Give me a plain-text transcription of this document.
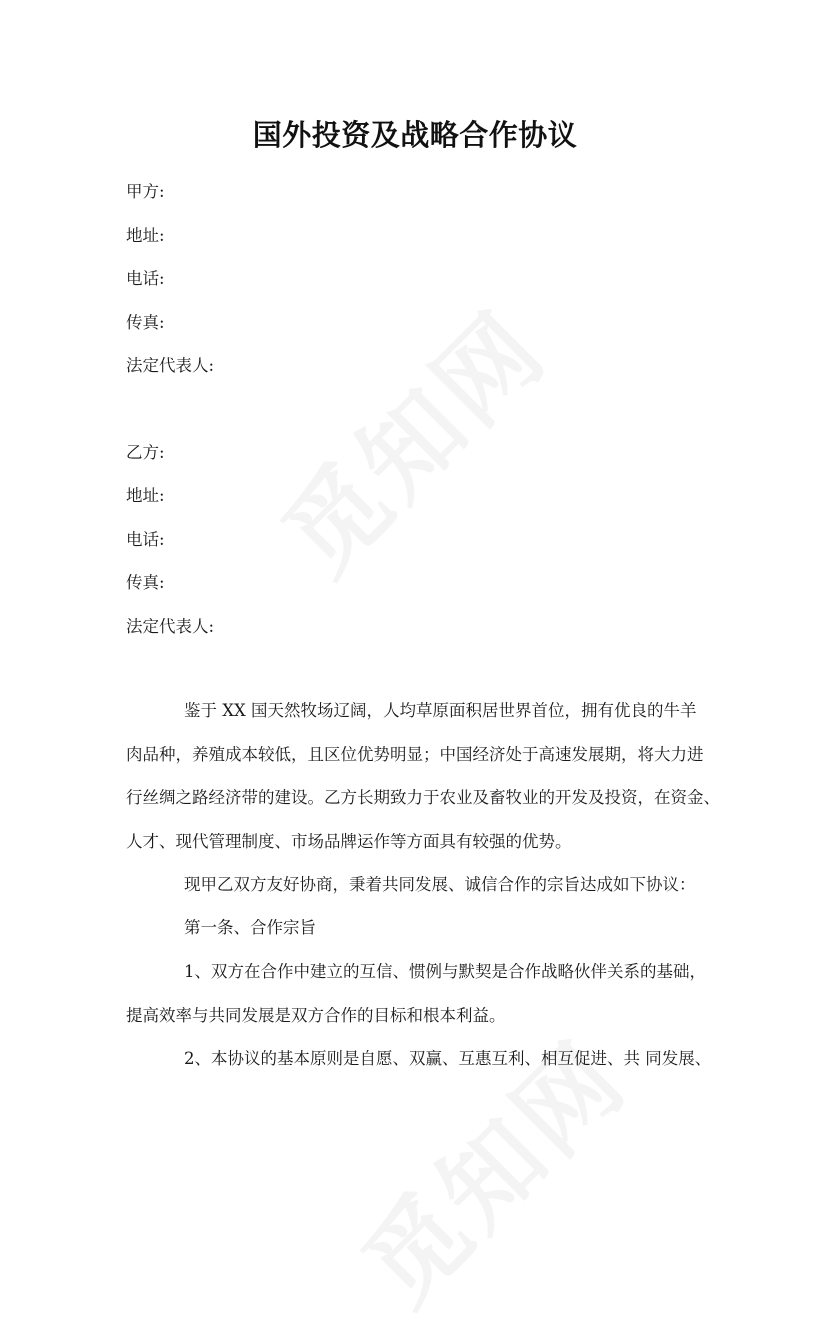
国外投资及战略合作协议
甲方:
地址:
电话:
传真:
法定代表人:
乙方:
地址:
电话:
传真:
法定代表人:
鉴于 XX 国天然牧场辽阔，人均草原面积居世界首位，拥有优良的牛羊
肉品种，养殖成本较低，且区位优势明显；中国经济处于高速发展期，将大力进
行丝绸之路经济带的建设。乙方长期致力于农业及畜牧业的开发及投资，在资金、
人才、现代管理制度、市场品牌运作等方面具有较强的优势。
现甲乙双方友好协商，秉着共同发展、诚信合作的宗旨达成如下协议：
第一条、合作宗旨
1、双方在合作中建立的互信、惯例与默契是合作战略伙伴关系的基础，
提高效率与共同发展是双方合作的目标和根本利益。
2、本协议的基本原则是自愿、双赢、互惠互利、相互促进、共 同发展、
